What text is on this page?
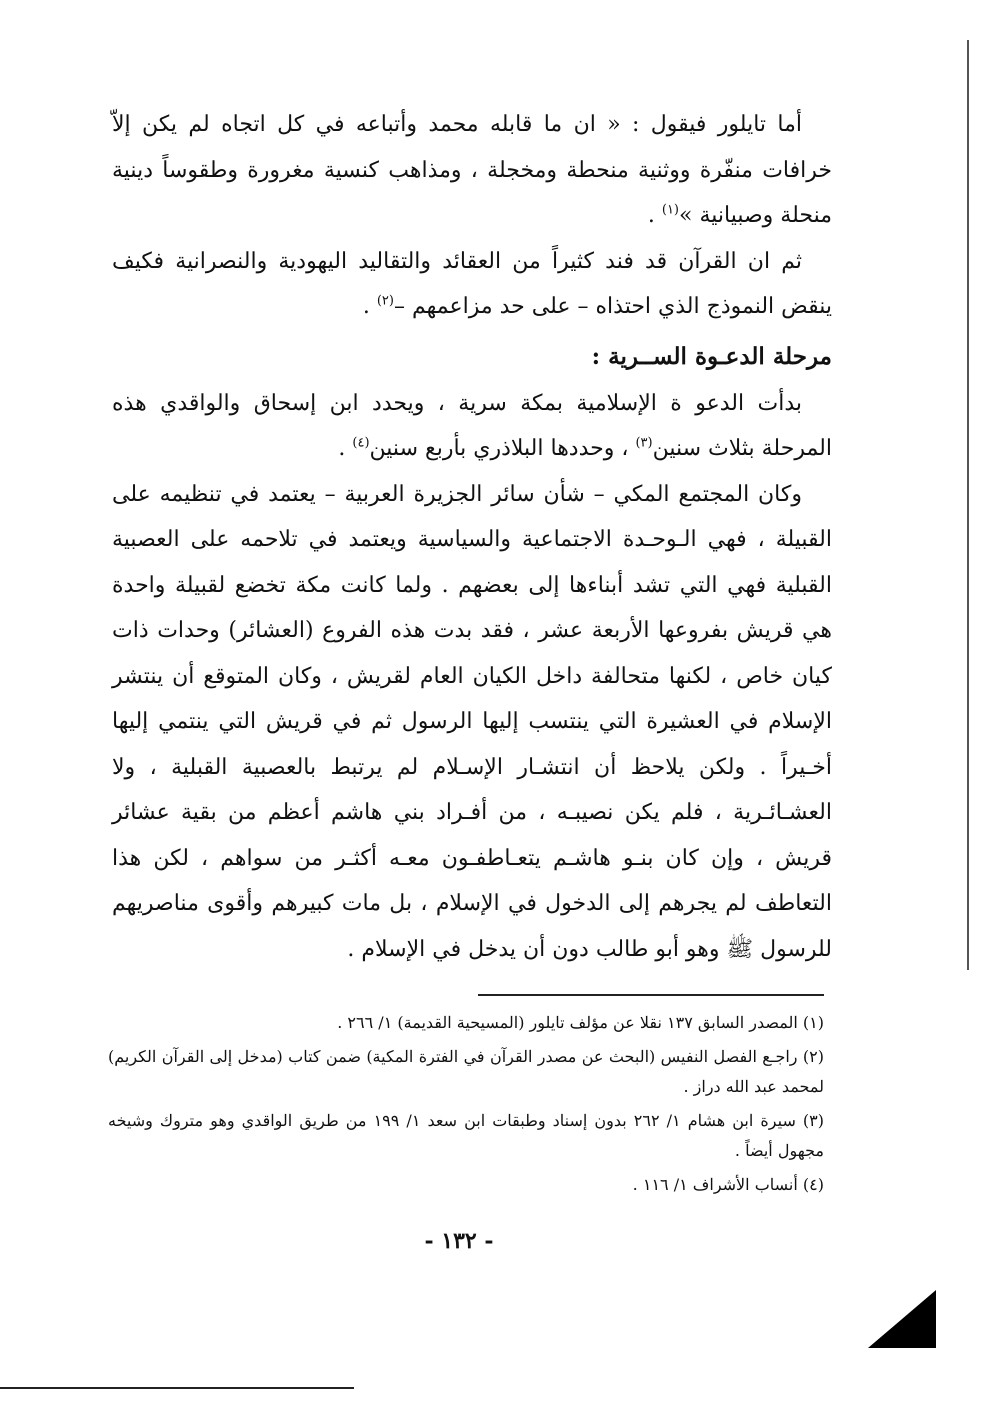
أما تايلور فيقول : « ان ما قابله محمد وأتباعه في كل اتجاه لم يكن إلاّ خرافات منفّرة ووثنية منحطة ومخجلة ، ومذاهب كنسية مغرورة وطقوساً دينية منحلة وصبيانية »$^{(١)}$ .

ثم ان القرآن قد فند كثيراً من العقائد والتقاليد اليهودية والنصرانية فكيف ينقض النموذج الذي احتذاه – على حد مزاعمهم –$^{(٢)}$ .

مرحلة الدعـوة الســرية :

بدأت الدعو ة الإسلامية بمكة سرية ، ويحدد ابن إسحاق والواقدي هذه المرحلة بثلاث سنين$^{(٣)}$ ، وحددها البلاذري بأربع سنين$^{(٤)}$ .

وكان المجتمع المكي – شأن سائر الجزيرة العربية – يعتمد في تنظيمه على القبيلة ، فهي الـوحـدة الاجتماعية والسياسية ويعتمد في تلاحمه على العصبية القبلية فهي التي تشد أبناءها إلى بعضهم . ولما كانت مكة تخضع لقبيلة واحدة هي قريش بفروعها الأربعة عشر ، فقد بدت هذه الفروع (العشائر) وحدات ذات كيان خاص ، لكنها متحالفة داخل الكيان العام لقريش ، وكان المتوقع أن ينتشر الإسلام في العشيرة التي ينتسب إليها الرسول ثم في قريش التي ينتمي إليها أخـيراً . ولكن يلاحظ أن انتشـار الإسـلام لم يرتبط بالعصبية القبلية ، ولا العشـائـرية ، فلم يكن نصيبـه ، من أفـراد بني هاشم أعظم من بقية عشائر قريش ، وإن كان بنـو هاشـم يتعـاطفـون معـه أكثـر من سواهم ، لكن هذا التعاطف لم يجرهم إلى الدخول في الإسلام ، بل مات كبيرهم وأقوى مناصريهم للرسول ﷺ وهو أبو طالب دون أن يدخل في الإسلام .

(١) المصدر السابق ١٣٧ نقلا عن مؤلف تايلور (المسيحية القديمة) ١/ ٢٦٦ .

(٢) راجـع الفصل النفيس (البحث عن مصدر القرآن في الفترة المكية) ضمن كتاب (مدخل إلى القرآن الكريم) لمحمد عبد الله دراز .

(٣) سيرة ابن هشام ١/ ٢٦٢ بدون إسناد وطبقات ابن سعد ١/ ١٩٩ من طريق الواقدي وهو متروك وشيخه مجهول أيضاً .

(٤) أنساب الأشراف ١/ ١١٦ .

- ١٣٢ -
